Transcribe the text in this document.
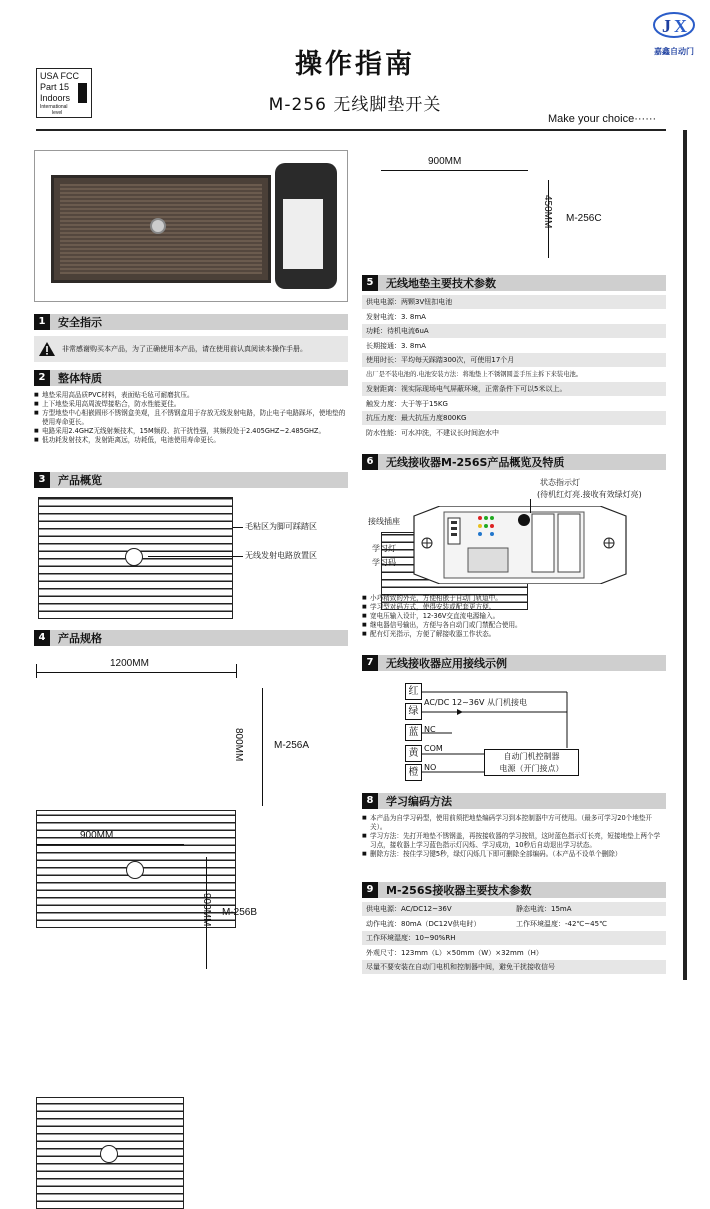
操作指南
M-256 无线脚垫开关
USA FCC
Part 15
Indoors
International
level
J X
嘉鑫自动门
Make your choice······
1	安全指示
非常感谢购买本产品，为了正确使用本产品，请在使用前认真阅读本操作手册。
2	整体特质
■ 地垫采用高品质PVC材料，表面贴毛毡可耐磨抗压。
■ 上下地垫采用高周波焊接粘合，防水性能更佳。
■ 方型地垫中心相嵌圆形不锈钢盒美观，且不锈钢盒用于存放无线发射电路，防止电子电路踩坏，使地垫的使用寿命更长。
■ 电路采用2.4GHZ无线射频技术，15M频段、抗干扰性强，其频段处于2.405GHZ~2.485GHZ。
■ 低功耗发射技术，发射距离远，功耗低，电池使用寿命更长。
3	产品概览
毛粘区为脚可踩踏区
无线发射电路放置区
4	产品规格
1200MM
800MM	M-256A
900MM
900MM M-256B
900MM
450MM M-256C
5	无线地垫主要技术参数
供电电源：两颗3V钮扣电池
发射电流：3. 8mA
功耗：待机电流6uA
长期接通：3. 8mA
使用时长：平均每天踩踏300次，可使用17个月
出厂是不装电池的.电池安装方法：将地垫上不锈钢圆盖手压主拆下来装电池。
发射距离：视实际现场电气屏蔽环境，正常条件下可以5米以上。
触发力度：大于等于15KG
抗压力度：最大抗压力度800KG
防水性能：可水冲洗，不建议长时间泡水中
6	无线接收器M-256S产品概览及特质
状态指示灯
(待机红灯亮.接收有效绿灯亮)
接线插座
学习灯
学习码
■ 小巧精致的外壳，方便相嵌于自动门轨道中。
■ 学习型对码方式，使得安装或配套更方便。
■ 宽电压输入设计，12-36V交直流电源输入。
■ 继电器信号输出，方便与各自动门或门禁配合使用。
■ 配有灯光指示，方便了解接收器工作状态。
7	无线接收器应用接线示例
红
绿
蓝
黄
橙
AC/DC 12~36V 从门机接电
NC
COM
NO
自动门机控制器
电源（开门接点）
8	学习编码方法
■ 本产品为自学习码型，使用前须把地垫编码学习到本控制器中方可使用。（最多可学习20个地垫开关）。
■ 学习方法：先打开地垫不锈钢盖，再按接收器的学习按钮，这时蓝色指示灯长亮，短接地垫上两个学习点，接收器上学习蓝色指示灯闪烁、学习成功，10秒后自动退出学习状态。
■ 删除方法：按住学习键5秒，绿灯闪烁几下即可删除全部编码。（本产品不设单个删除）
9	M-256S接收器主要技术参数
供电电源：AC/DC12~36V	静态电流：15mA
动作电流：80mA（DC12V供电时）	工作环境温度：-42℃~45℃
工作环境湿度：10~90%RH
外观尺寸：123mm（L）×50mm（W）×32mm（H）
尽量不要安装在自动门电机和控制器中间，避免干扰接收信号
